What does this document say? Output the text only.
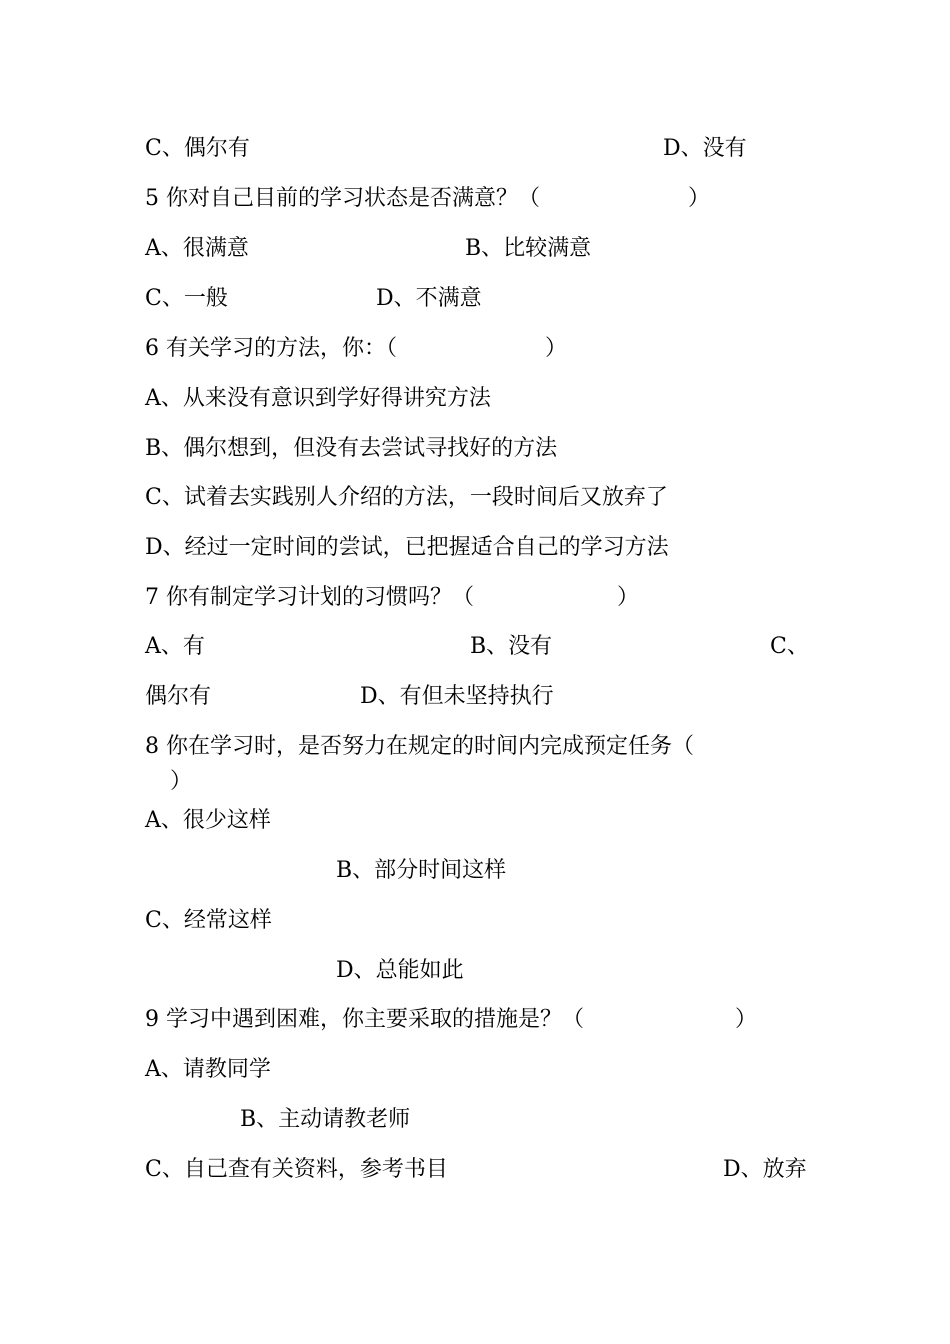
C、偶尔有	D、没有
5 你对自己目前的学习状态是否满意？（	）
A、很满意	B、比较满意
C、一般	D、不满意
6 有关学习的方法，你：（	）
A、从来没有意识到学好得讲究方法
B、偶尔想到，但没有去尝试寻找好的方法
C、试着去实践别人介绍的方法，一段时间后又放弃了
D、经过一定时间的尝试，已把握适合自己的学习方法
7 你有制定学习计划的习惯吗？（	）
A、有	B、没有	C、
偶尔有	D、有但未坚持执行
8 你在学习时，是否努力在规定的时间内完成预定任务（
）
A、很少这样
B、部分时间这样
C、经常这样
D、总能如此
9 学习中遇到困难，你主要采取的措施是？（	）
A、请教同学
B、主动请教老师
C、自己查有关资料，参考书目	D、放弃
